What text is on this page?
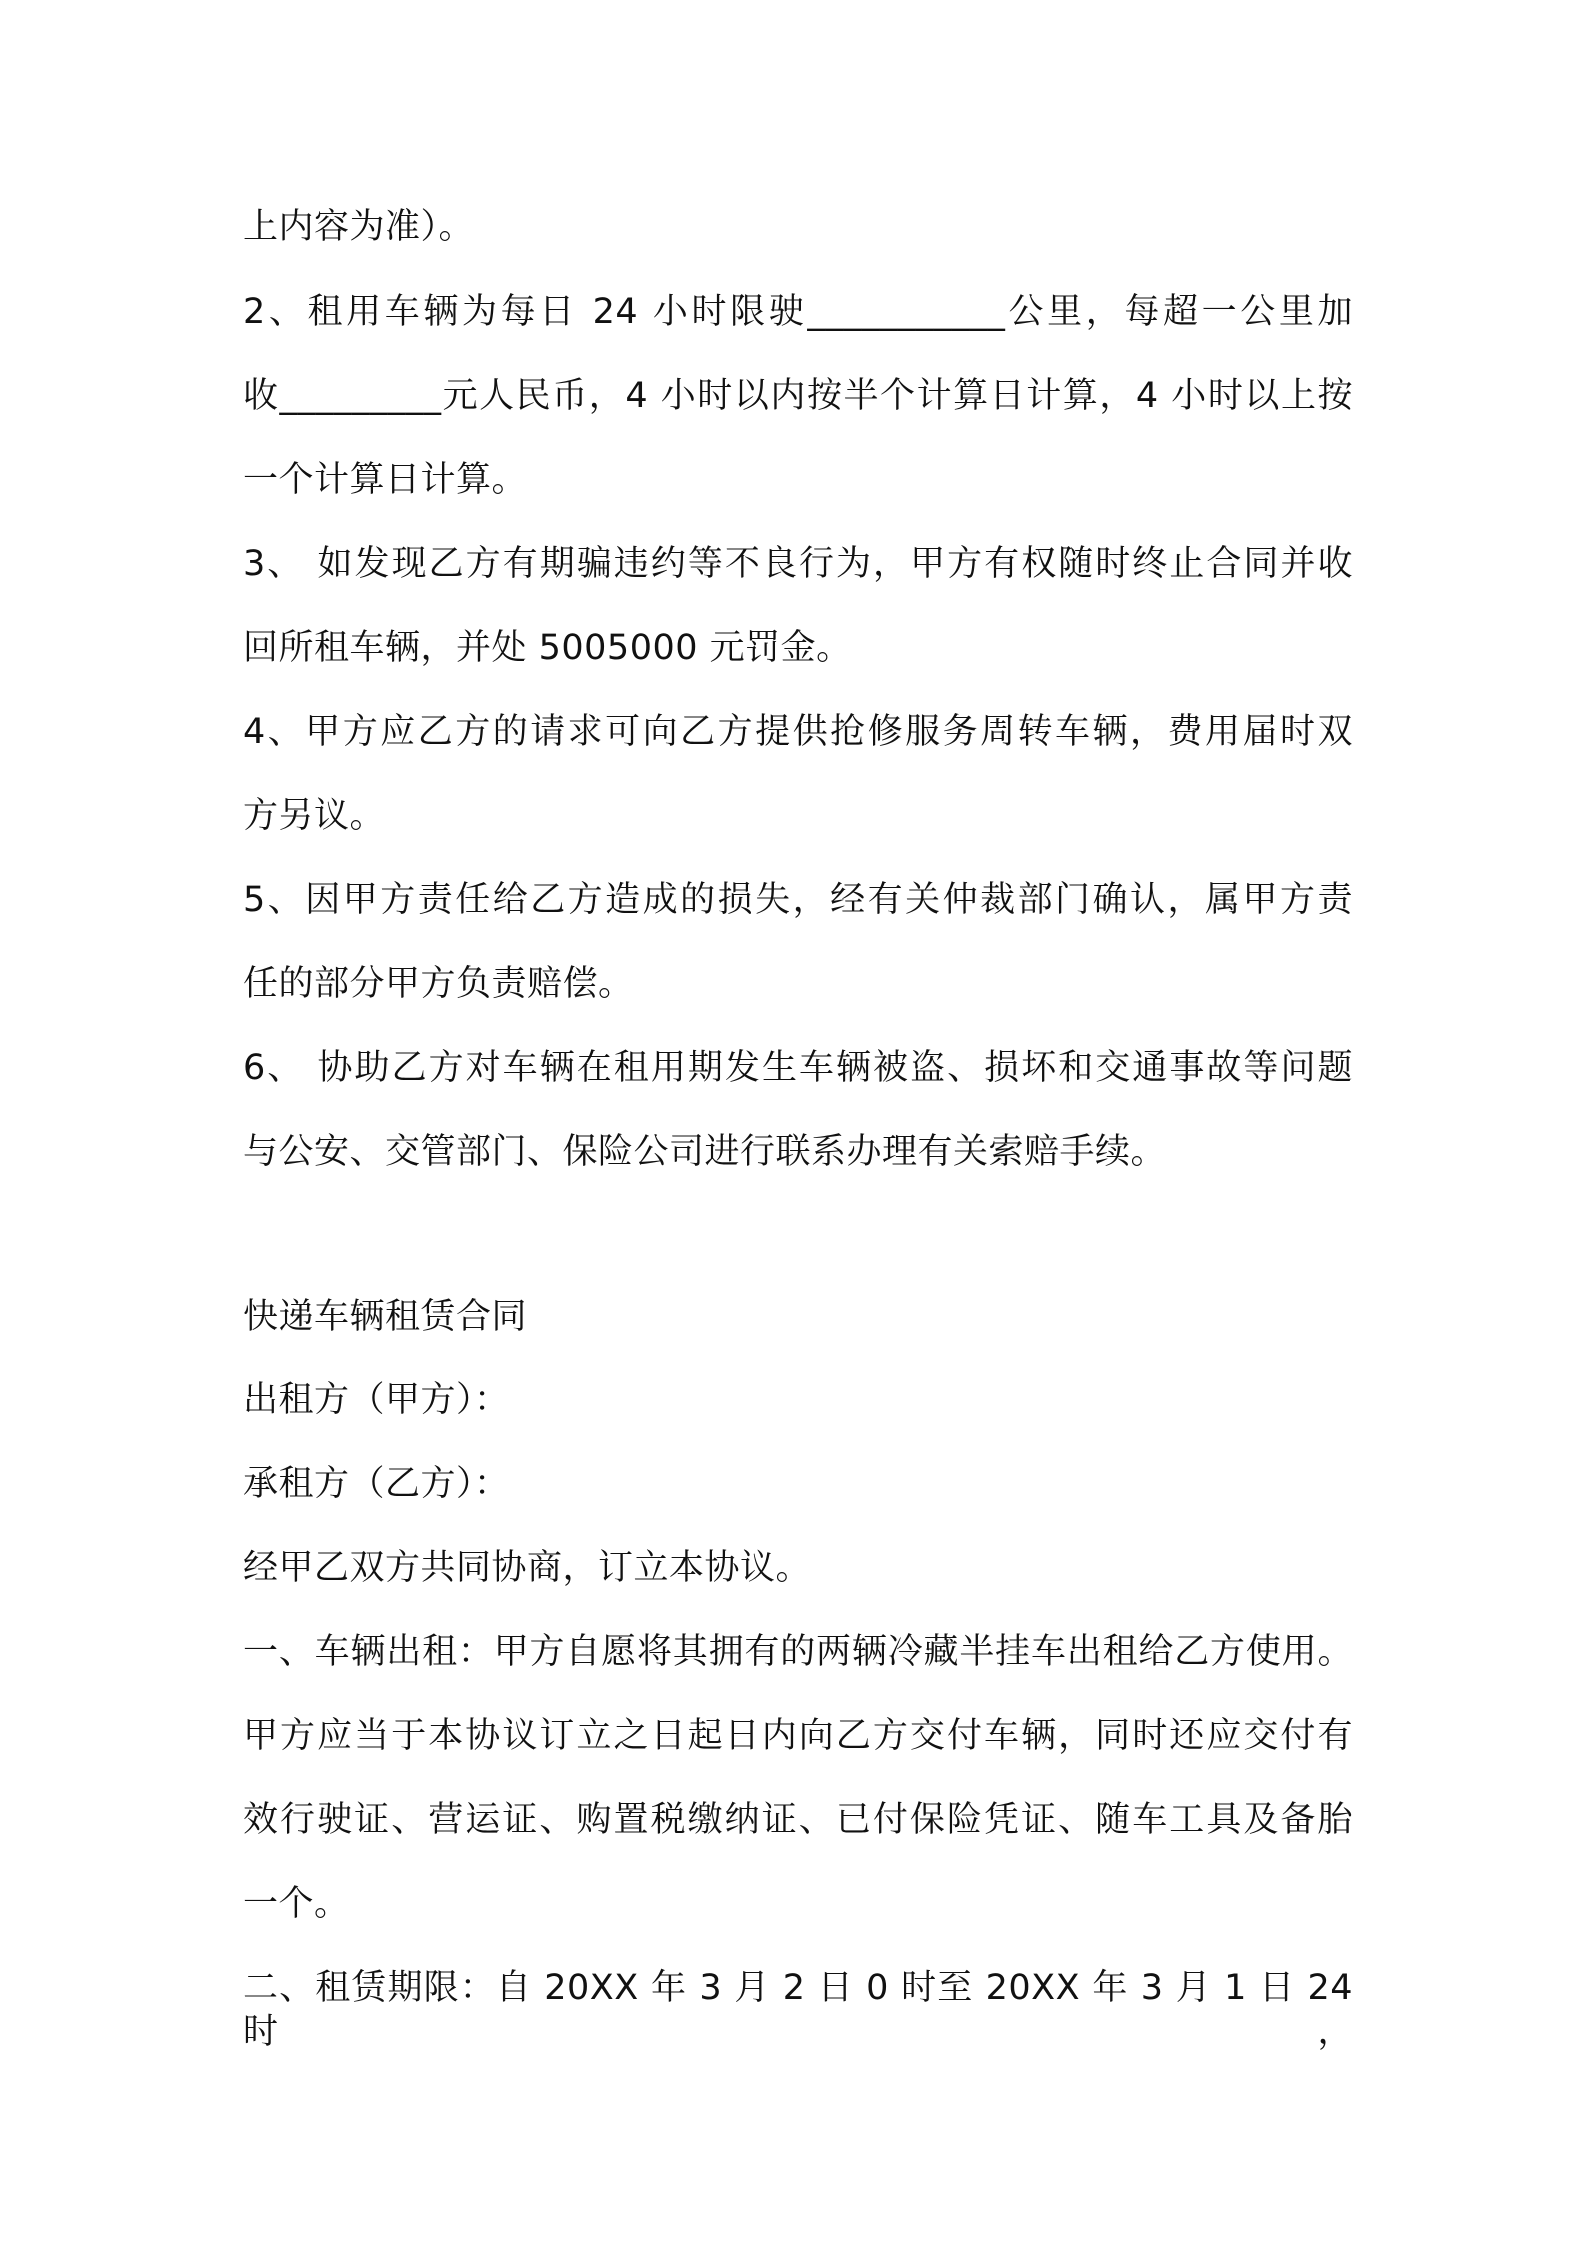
上内容为准）。
2、租用车辆为每日 24 小时限驶___________公里，每超一公里加
收_________元人民币，4 小时以内按半个计算日计算，4 小时以上按
一个计算日计算。
3、 如发现乙方有期骗违约等不良行为，甲方有权随时终止合同并收
回所租车辆，并处 5005000 元罚金。
4、甲方应乙方的请求可向乙方提供抢修服务周转车辆，费用届时双
方另议。
5、因甲方责任给乙方造成的损失，经有关仲裁部门确认，属甲方责
任的部分甲方负责赔偿。
6、 协助乙方对车辆在租用期发生车辆被盗、损坏和交通事故等问题
与公安、交管部门、保险公司进行联系办理有关索赔手续。
快递车辆租赁合同
出租方（甲方）：
承租方（乙方）：
经甲乙双方共同协商，订立本协议。
一、车辆出租：甲方自愿将其拥有的两辆冷藏半挂车出租给乙方使用。
甲方应当于本协议订立之日起日内向乙方交付车辆，同时还应交付有
效行驶证、营运证、购置税缴纳证、已付保险凭证、随车工具及备胎
一个。
二、租赁期限：自 20XX 年 3 月 2 日 0 时至 20XX 年 3 月 1 日 24 时，
